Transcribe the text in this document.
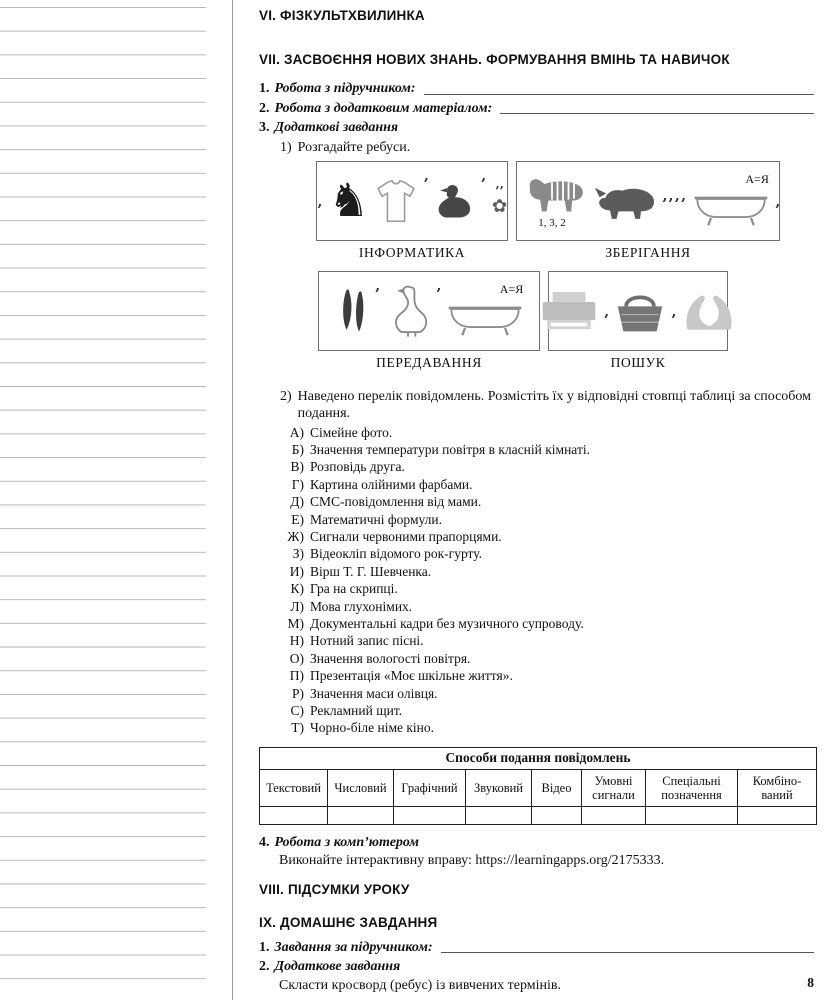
VI. ФІЗКУЛЬТХВИЛИНКА
VII. ЗАСВОЄННЯ НОВИХ ЗНАНЬ. ФОРМУВАННЯ ВМІНЬ ТА НАВИЧОК
1. Робота з підручником:
2. Робота з додатковим матеріалом:
3. Додаткові завдання
1) Розгадайте ребуси.
’ ♞	’	’ ’’
✿
ІНФОРМАТИКА
1, 3, 2
’’’’
А=Я
’
ЗБЕРІГАННЯ
’	’	А=Я
ПЕРЕДАВАННЯ
’	’
ПОШУК
2) Наведено перелік повідомлень. Розмістіть їх у відповідні стовпці таблиці за способом подання.
А) Сімейне фото.
Б) Значення температури повітря в класній кімнаті.
В) Розповідь друга.
Г) Картина олійними фарбами.
Д) СМС-повідомлення від мами.
Е) Математичні формули.
Ж) Сигнали червоними прапорцями.
З) Відеокліп відомого рок-гурту.
И) Вірш Т. Г. Шевченка.
К) Гра на скрипці.
Л) Мова глухонімих.
М) Документальні кадри без музичного супроводу.
Н) Нотний запис пісні.
О) Значення вологості повітря.
П) Презентація «Моє шкільне життя».
Р) Значення маси олівця.
С) Рекламний щит.
Т) Чорно-біле німе кіно.
Способи подання повідомлень							
Текстовий	Числовий	Графічний	Звуковий	Відео	Умовні сигнали	Спеціальні позначення	Комбіно-ваний

4. Робота з комп’ютером
Виконайте інтерактивну вправу: https://learningapps.org/2175333.
VIII. ПІДСУМКИ УРОКУ
IX. ДОМАШНЄ ЗАВДАННЯ
1. Завдання за підручником:
2. Додаткове завдання
Скласти кросворд (ребус) із вивчених термінів.	8
